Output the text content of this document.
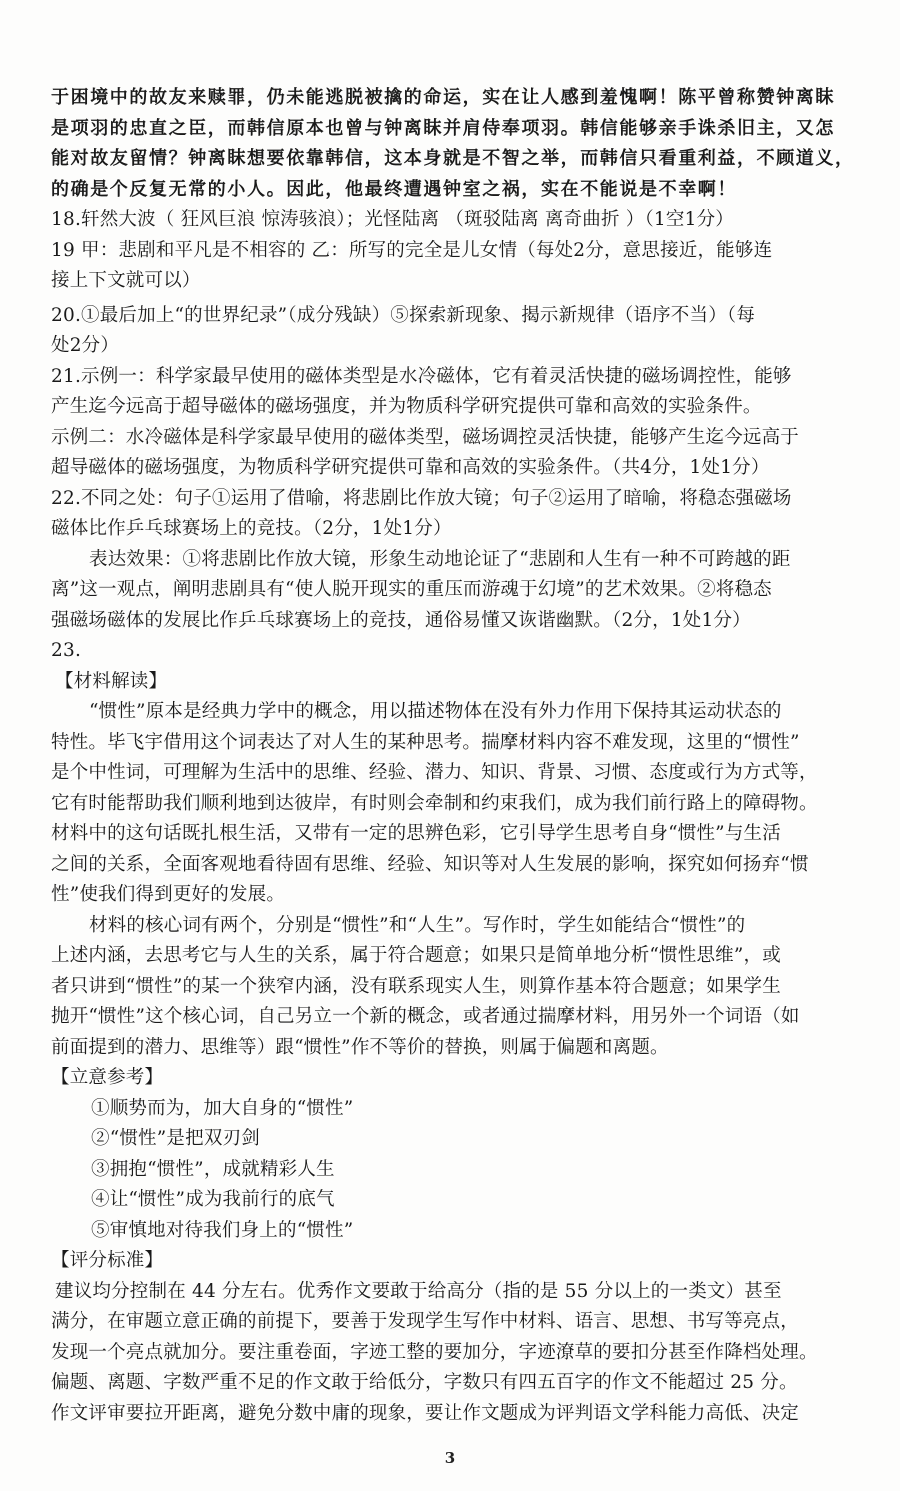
于困境中的故友来赎罪，仍未能逃脱被擒的命运，实在让人感到羞愧啊！陈平曾称赞钟离眜
是项羽的忠直之臣，而韩信原本也曾与钟离眜并肩侍奉项羽。韩信能够亲手诛杀旧主，又怎
能对故友留情？钟离眜想要依靠韩信，这本身就是不智之举，而韩信只看重利益，不顾道义，
的确是个反复无常的小人。因此，他最终遭遇钟室之祸，实在不能说是不幸啊！
18.轩然大波（ 狂风巨浪 惊涛骇浪）；光怪陆离 （斑驳陆离 离奇曲折 ）（1空1分）
19 甲：悲剧和平凡是不相容的 乙：所写的完全是儿女情（每处2分，意思接近，能够连
接上下文就可以）
20.①最后加上“的世界纪录”（成分残缺）⑤探索新现象、揭示新规律（语序不当）（每
处2分）
21.示例一：科学家最早使用的磁体类型是水冷磁体，它有着灵活快捷的磁场调控性，能够
产生迄今远高于超导磁体的磁场强度，并为物质科学研究提供可靠和高效的实验条件。
示例二：水冷磁体是科学家最早使用的磁体类型，磁场调控灵活快捷，能够产生迄今远高于
超导磁体的磁场强度，为物质科学研究提供可靠和高效的实验条件。（共4分，1处1分）
22.不同之处：句子①运用了借喻，将悲剧比作放大镜；句子②运用了暗喻，将稳态强磁场
磁体比作乒乓球赛场上的竞技。（2分，1处1分）
表达效果：①将悲剧比作放大镜，形象生动地论证了“悲剧和人生有一种不可跨越的距
离”这一观点，阐明悲剧具有“使人脱开现实的重压而游魂于幻境”的艺术效果。②将稳态
强磁场磁体的发展比作乒乓球赛场上的竞技，通俗易懂又诙谐幽默。（2分，1处1分）
23.
【材料解读】
“惯性”原本是经典力学中的概念，用以描述物体在没有外力作用下保持其运动状态的
特性。毕飞宇借用这个词表达了对人生的某种思考。揣摩材料内容不难发现，这里的“惯性”
是个中性词，可理解为生活中的思维、经验、潜力、知识、背景、习惯、态度或行为方式等，
它有时能帮助我们顺利地到达彼岸，有时则会牵制和约束我们，成为我们前行路上的障碍物。
材料中的这句话既扎根生活，又带有一定的思辨色彩，它引导学生思考自身“惯性”与生活
之间的关系，全面客观地看待固有思维、经验、知识等对人生发展的影响，探究如何扬弃“惯
性”使我们得到更好的发展。
材料的核心词有两个，分别是“惯性”和“人生”。写作时，学生如能结合“惯性”的
上述内涵，去思考它与人生的关系，属于符合题意；如果只是简单地分析“惯性思维”，或
者只讲到“惯性”的某一个狭窄内涵，没有联系现实人生，则算作基本符合题意；如果学生
抛开“惯性”这个核心词，自己另立一个新的概念，或者通过揣摩材料，用另外一个词语（如
前面提到的潜力、思维等）跟“惯性”作不等价的替换，则属于偏题和离题。
【立意参考】
①顺势而为，加大自身的“惯性”
②“惯性”是把双刃剑
③拥抱“惯性”，成就精彩人生
④让“惯性”成为我前行的底气
⑤审慎地对待我们身上的“惯性”
【评分标准】
建议均分控制在 44 分左右。优秀作文要敢于给高分（指的是 55 分以上的一类文）甚至
满分，在审题立意正确的前提下，要善于发现学生写作中材料、语言、思想、书写等亮点，
发现一个亮点就加分。要注重卷面，字迹工整的要加分，字迹潦草的要扣分甚至作降档处理。
偏题、离题、字数严重不足的作文敢于给低分，字数只有四五百字的作文不能超过 25 分。
作文评审要拉开距离，避免分数中庸的现象，要让作文题成为评判语文学科能力高低、决定
3
